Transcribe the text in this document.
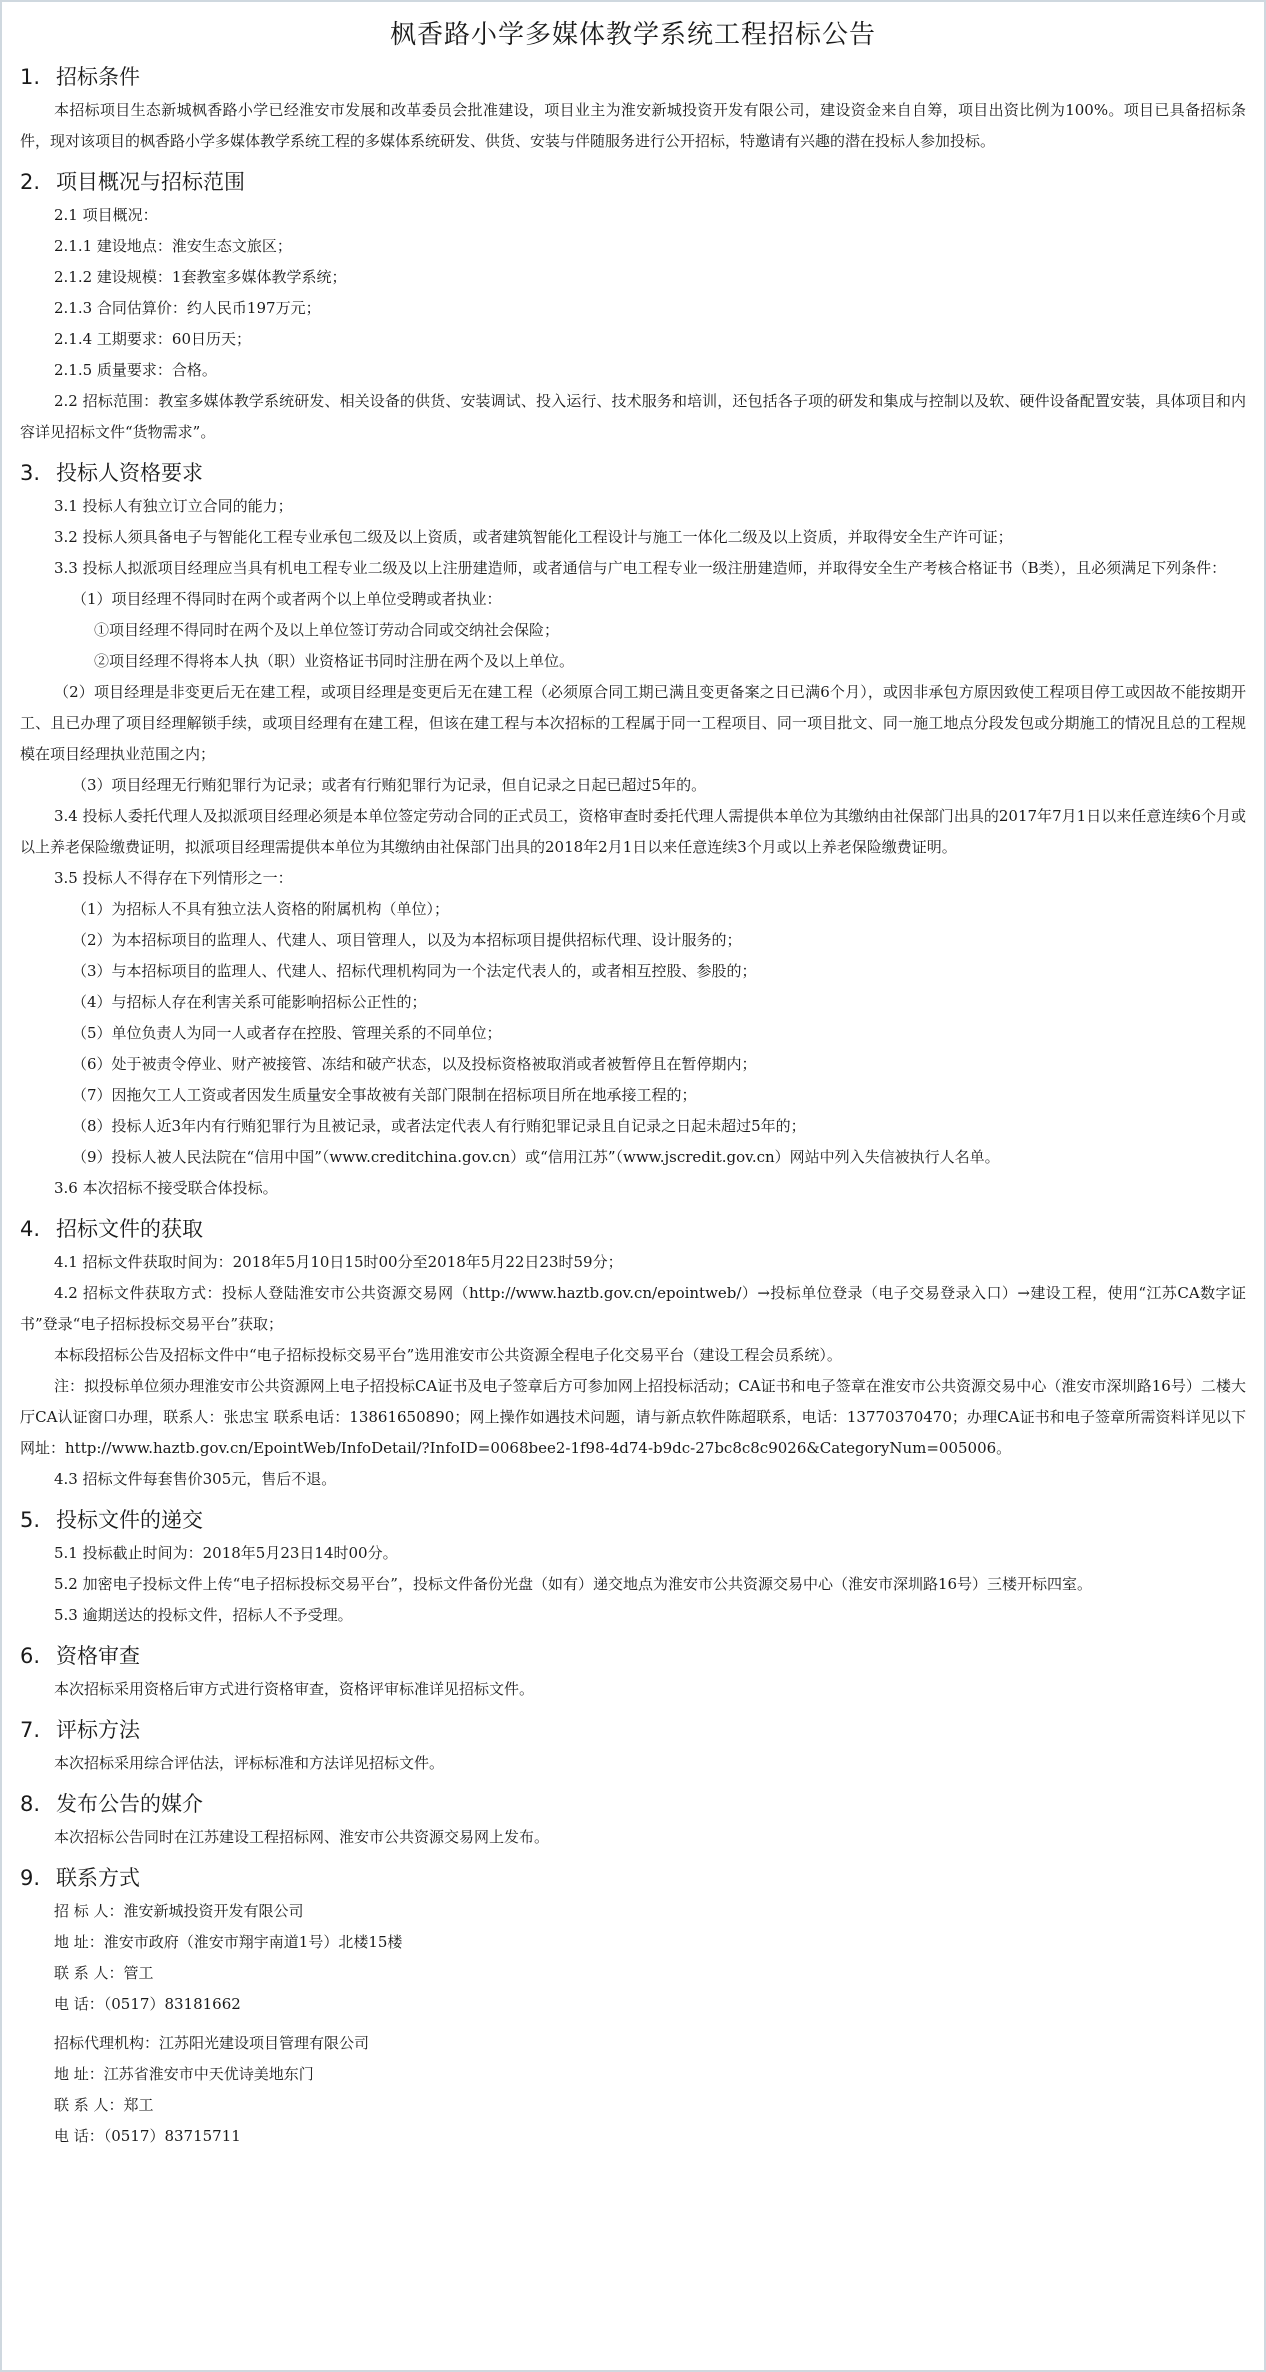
枫香路小学多媒体教学系统工程招标公告
1. 招标条件

本招标项目生态新城枫香路小学已经淮安市发展和改革委员会批准建设，项目业主为淮安新城投资开发有限公司，建设资金来自自筹，项目出资比例为100%。项目已具备招标条件，现对该项目的枫香路小学多媒体教学系统工程的多媒体系统研发、供货、安装与伴随服务进行公开招标，特邀请有兴趣的潜在投标人参加投标。

2. 项目概况与招标范围

2.1 项目概况：

2.1.1 建设地点：淮安生态文旅区；

2.1.2 建设规模：1套教室多媒体教学系统；

2.1.3 合同估算价：约人民币197万元；

2.1.4 工期要求：60日历天；

2.1.5 质量要求：合格。

2.2 招标范围：教室多媒体教学系统研发、相关设备的供货、安装调试、投入运行、技术服务和培训，还包括各子项的研发和集成与控制以及软、硬件设备配置安装，具体项目和内容详见招标文件“货物需求”。

3. 投标人资格要求

3.1 投标人有独立订立合同的能力；

3.2 投标人须具备电子与智能化工程专业承包二级及以上资质，或者建筑智能化工程设计与施工一体化二级及以上资质，并取得安全生产许可证；

3.3 投标人拟派项目经理应当具有机电工程专业二级及以上注册建造师，或者通信与广电工程专业一级注册建造师，并取得安全生产考核合格证书（B类），且必须满足下列条件：

（1）项目经理不得同时在两个或者两个以上单位受聘或者执业：

①项目经理不得同时在两个及以上单位签订劳动合同或交纳社会保险；

②项目经理不得将本人执（职）业资格证书同时注册在两个及以上单位。

（2）项目经理是非变更后无在建工程，或项目经理是变更后无在建工程（必须原合同工期已满且变更备案之日已满6个月），或因非承包方原因致使工程项目停工或因故不能按期开工、且已办理了项目经理解锁手续，或项目经理有在建工程，但该在建工程与本次招标的工程属于同一工程项目、同一项目批文、同一施工地点分段发包或分期施工的情况且总的工程规模在项目经理执业范围之内；

（3）项目经理无行贿犯罪行为记录；或者有行贿犯罪行为记录，但自记录之日起已超过5年的。

3.4 投标人委托代理人及拟派项目经理必须是本单位签定劳动合同的正式员工，资格审查时委托代理人需提供本单位为其缴纳由社保部门出具的2017年7月1日以来任意连续6个月或以上养老保险缴费证明，拟派项目经理需提供本单位为其缴纳由社保部门出具的2018年2月1日以来任意连续3个月或以上养老保险缴费证明。

3.5 投标人不得存在下列情形之一：

（1）为招标人不具有独立法人资格的附属机构（单位）；

（2）为本招标项目的监理人、代建人、项目管理人，以及为本招标项目提供招标代理、设计服务的；

（3）与本招标项目的监理人、代建人、招标代理机构同为一个法定代表人的，或者相互控股、参股的；

（4）与招标人存在利害关系可能影响招标公正性的；

（5）单位负责人为同一人或者存在控股、管理关系的不同单位；

（6）处于被责令停业、财产被接管、冻结和破产状态，以及投标资格被取消或者被暂停且在暂停期内；

（7）因拖欠工人工资或者因发生质量安全事故被有关部门限制在招标项目所在地承接工程的；

（8）投标人近3年内有行贿犯罪行为且被记录，或者法定代表人有行贿犯罪记录且自记录之日起未超过5年的；

（9）投标人被人民法院在“信用中国”（www.creditchina.gov.cn）或“信用江苏”（www.jscredit.gov.cn）网站中列入失信被执行人名单。

3.6 本次招标不接受联合体投标。

4. 招标文件的获取

4.1 招标文件获取时间为：2018年5月10日15时00分至2018年5月22日23时59分；

4.2 招标文件获取方式：投标人登陆淮安市公共资源交易网（http://www.haztb.gov.cn/epointweb/）→投标单位登录（电子交易登录入口）→建设工程，使用“江苏CA数字证书”登录“电子招标投标交易平台”获取；

本标段招标公告及招标文件中“电子招标投标交易平台”选用淮安市公共资源全程电子化交易平台（建设工程会员系统）。

注：拟投标单位须办理淮安市公共资源网上电子招投标CA证书及电子签章后方可参加网上招投标活动；CA证书和电子签章在淮安市公共资源交易中心（淮安市深圳路16号）二楼大厅CA认证窗口办理，联系人：张忠宝 联系电话：13861650890；网上操作如遇技术问题，请与新点软件陈超联系，电话：13770370470；办理CA证书和电子签章所需资料详见以下网址：http://www.haztb.gov.cn/EpointWeb/InfoDetail/?InfoID=0068bee2-1f98-4d74-b9dc-27bc8c8c9026&CategoryNum=005006。

4.3 招标文件每套售价305元，售后不退。

5. 投标文件的递交

5.1 投标截止时间为：2018年5月23日14时00分。

5.2 加密电子投标文件上传“电子招标投标交易平台”，投标文件备份光盘（如有）递交地点为淮安市公共资源交易中心（淮安市深圳路16号）三楼开标四室。

5.3 逾期送达的投标文件，招标人不予受理。

6. 资格审查

本次招标采用资格后审方式进行资格审查，资格评审标准详见招标文件。

7. 评标方法

本次招标采用综合评估法，评标标准和方法详见招标文件。

8. 发布公告的媒介

本次招标公告同时在江苏建设工程招标网、淮安市公共资源交易网上发布。

9. 联系方式

招 标 人：淮安新城投资开发有限公司

地 址：淮安市政府（淮安市翔宇南道1号）北楼15楼

联 系 人：管工

电 话：（0517）83181662

招标代理机构：江苏阳光建设项目管理有限公司

地 址：江苏省淮安市中天优诗美地东门

联 系 人：郑工

电 话：（0517）83715711
